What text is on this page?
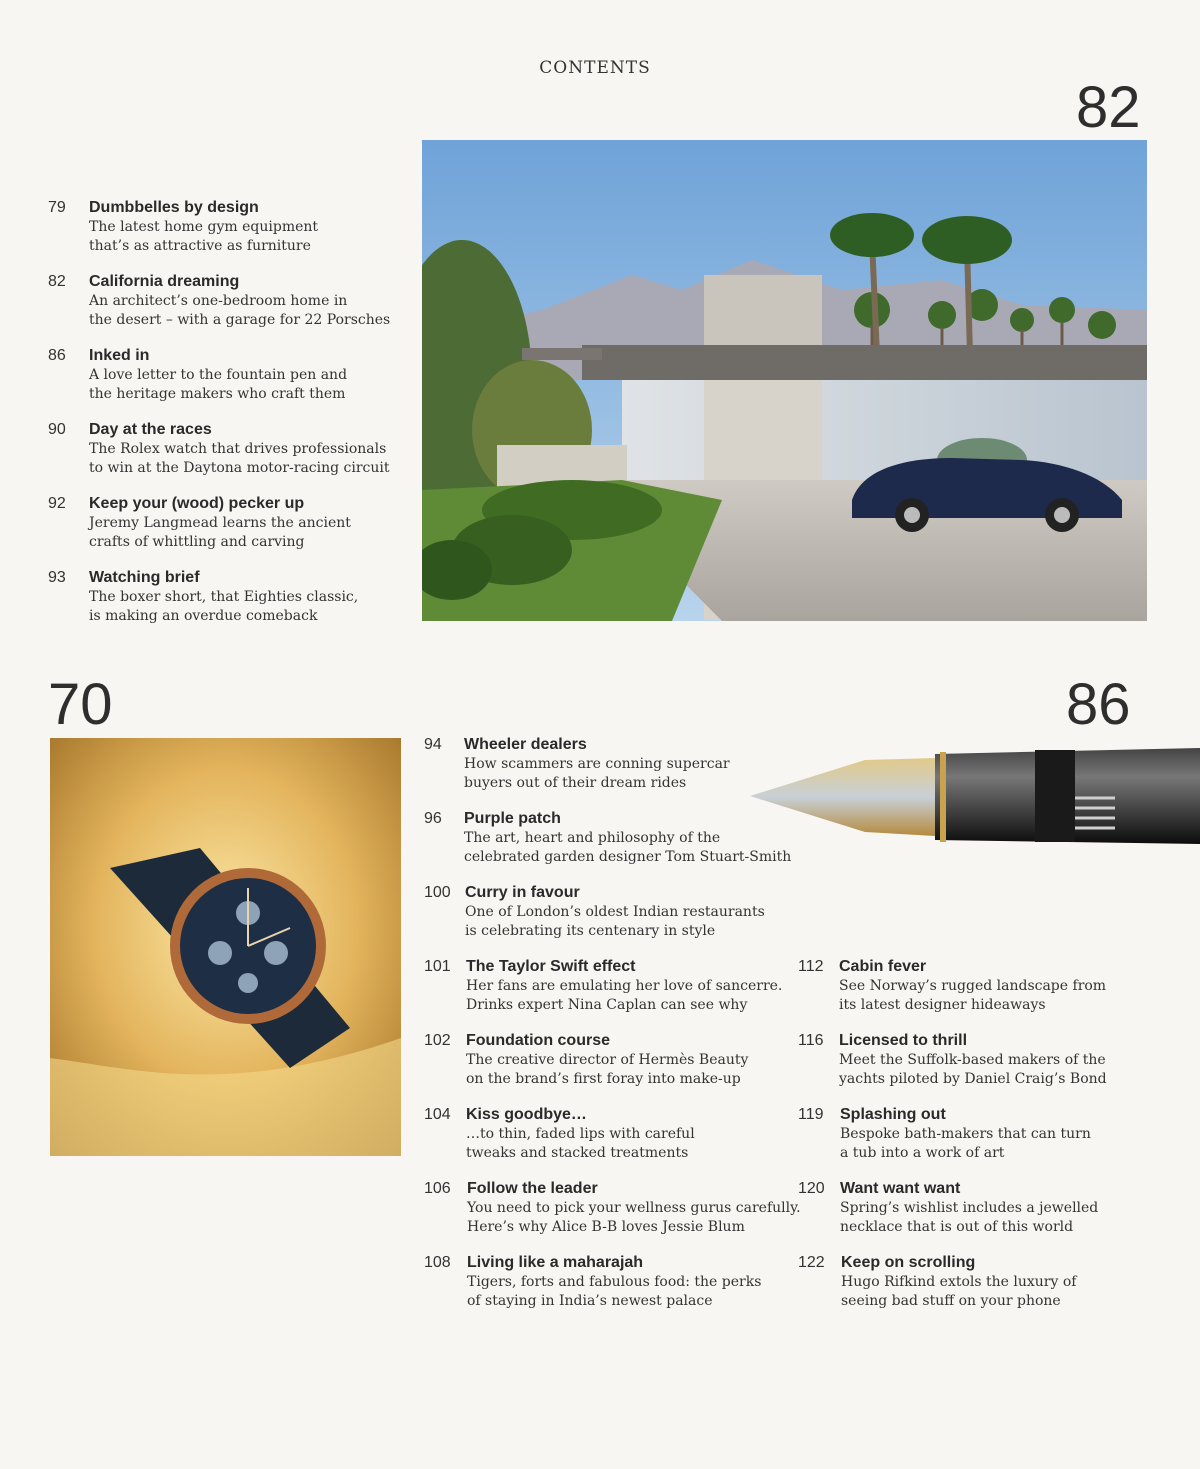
CONTENTS
82
70	86
79 Dumbbelles by design
The latest home gym equipment
that’s as attractive as furniture
82 California dreaming
An architect’s one-bedroom home in
the desert – with a garage for 22 Porsches
86 Inked in
A love letter to the fountain pen and
the heritage makers who craft them
90 Day at the races
The Rolex watch that drives professionals
to win at the Daytona motor-racing circuit
92 Keep your (wood) pecker up
Jeremy Langmead learns the ancient
crafts of whittling and carving
93 Watching brief
The boxer short, that Eighties classic,
is making an overdue comeback
94 Wheeler dealers
How scammers are conning supercar
buyers out of their dream rides
96 Purple patch
The art, heart and philosophy of the
celebrated garden designer Tom Stuart-Smith
100 Curry in favour
One of London’s oldest Indian restaurants
is celebrating its centenary in style
101 The Taylor Swift effect
Her fans are emulating her love of sancerre.
Drinks expert Nina Caplan can see why
102 Foundation course
The creative director of Hermès Beauty
on the brand’s first foray into make-up
104 Kiss goodbye…
…to thin, faded lips with careful
tweaks and stacked treatments
106 Follow the leader
You need to pick your wellness gurus carefully.
Here’s why Alice B-B loves Jessie Blum
108 Living like a maharajah
Tigers, forts and fabulous food: the perks
of staying in India’s newest palace
112 Cabin fever
See Norway’s rugged landscape from
its latest designer hideaways
116 Licensed to thrill
Meet the Suffolk-based makers of the
yachts piloted by Daniel Craig’s Bond
119 Splashing out
Bespoke bath-makers that can turn
a tub into a work of art
120 Want want want
Spring’s wishlist includes a jewelled
necklace that is out of this world
122 Keep on scrolling
Hugo Rifkind extols the luxury of
seeing bad stuff on your phone
